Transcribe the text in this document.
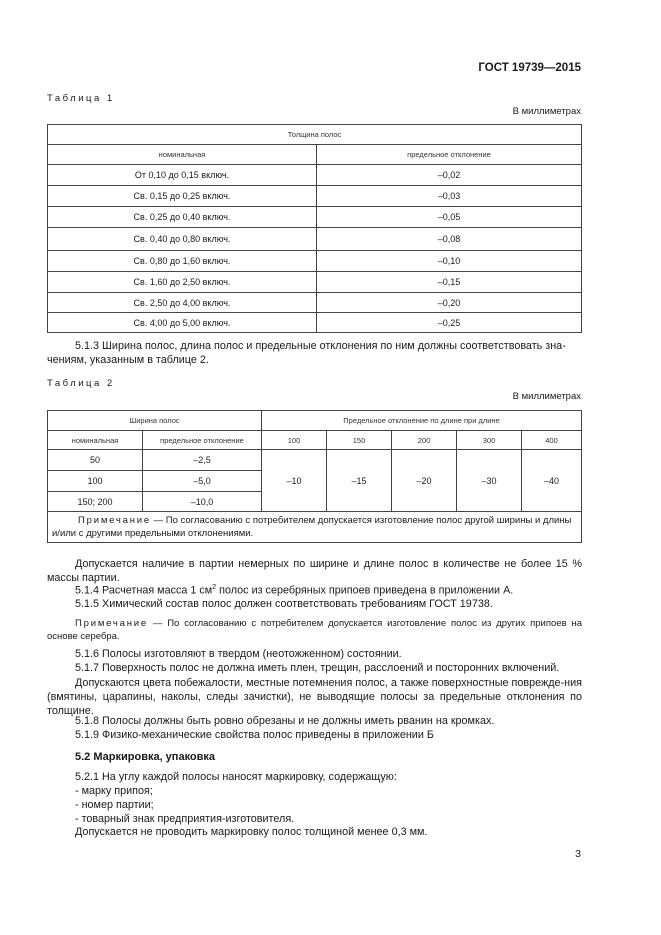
ГОСТ 19739—2015
Таблица 1
В миллиметрах
Толщина полос	
номинальная	предельное отклонение
От 0,10 до 0,15 включ.	–0,02
Св. 0,15 до 0,25 включ.	–0,03
Св. 0,25 до 0,40 включ.	–0,05
Св. 0,40 до 0,80 включ.	–0,08
Св. 0,80 до 1,60 включ.	–0,10
Св. 1,60 до 2,50 включ.	–0,15
Св. 2,50 до 4,00 включ.	–0,20
Св. 4,00 до 5,00 включ.	–0,25
5.1.3 Ширина полос, длина полос и предельные отклонения по ним должны соответствовать зна-
чениям, указанным в таблице 2.
Таблица 2
В миллиметрах
Ширина полос		Предельное отклонение по длине при длине				
номинальная	предельное отклонение	100	150	200	300	400
50	–2,5	–10	–15	–20	–30	–40
100	–5,0					
150; 200	–10,0					
Примечание — По согласованию с потребителем допускается изготовление полос другой ширины и длины и/или с другими предельными отклонениями.						
Допускается наличие в партии немерных по ширине и длине полос в количестве не более 15 % массы партии.
5.1.4 Расчетная масса 1 $см^2$ полос из серебряных припоев приведена в приложении А.
5.1.5 Химический состав полос должен соответствовать требованиям ГОСТ 19738.
Примечание — По согласованию с потребителем допускается изготовление полос из других припоев на основе серебра.
5.1.6 Полосы изготовляют в твердом (неотожженном) состоянии.
5.1.7 Поверхность полос не должна иметь плен, трещин, расслоений и посторонних включений.
Допускаются цвета побежалости, местные потемнения полос, а также поверхностные поврежде-ния (вмятины, царапины, наколы, следы зачистки), не выводящие полосы за предельные отклонения по толщине.
5.1.8 Полосы должны быть ровно обрезаны и не должны иметь рванин на кромках.
5.1.9 Физико-механические свойства полос приведены в приложении Б
5.2 Маркировка, упаковка
5.2.1 На углу каждой полосы наносят маркировку, содержащую:
- марку припоя;
- номер партии;
- товарный знак предприятия-изготовителя.
Допускается не проводить маркировку полос толщиной менее 0,3 мм.
3
